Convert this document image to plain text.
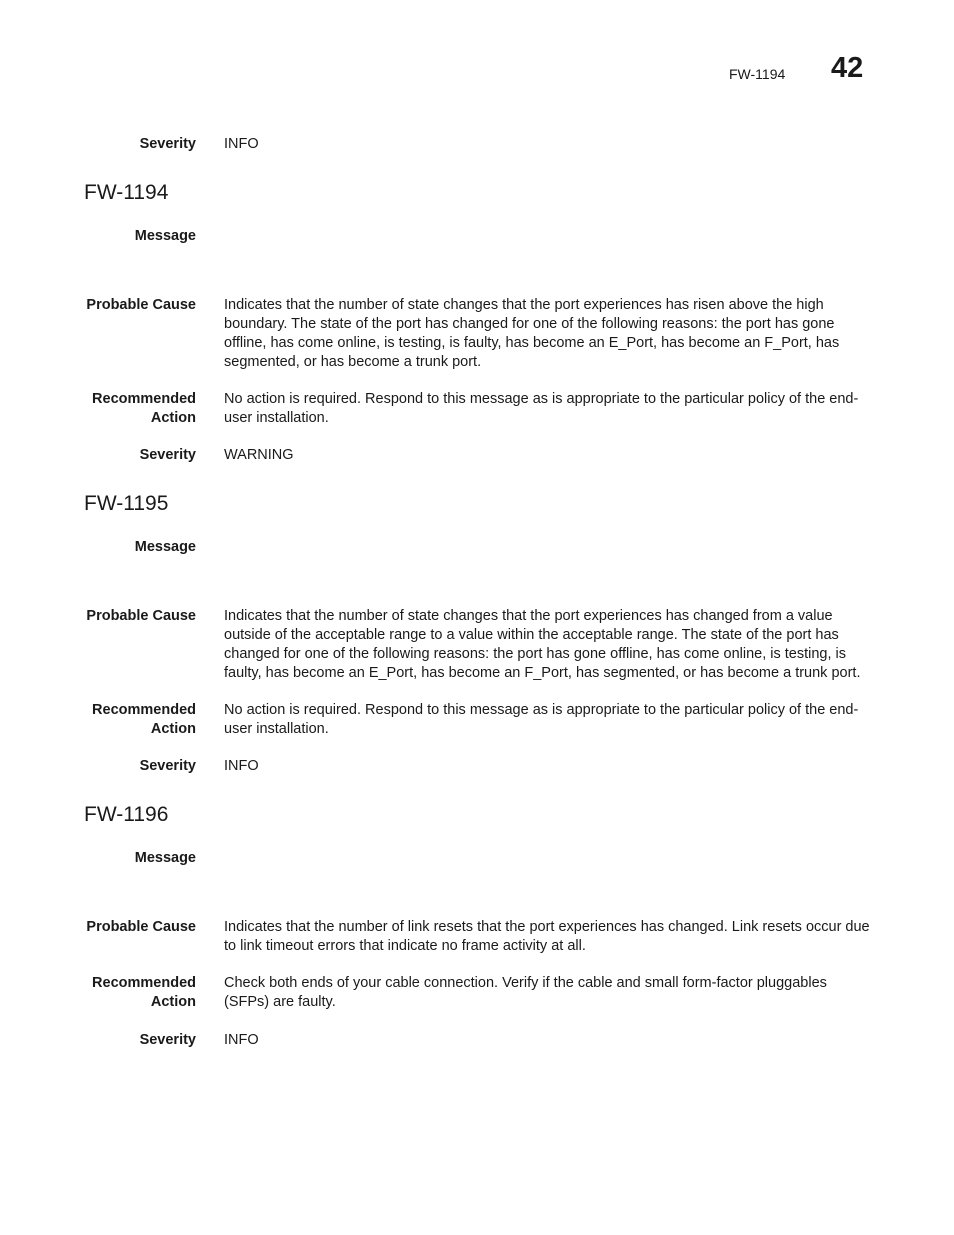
FW-1194 42
Severity INFO
FW-1194
Message
Probable Cause Indicates that the number of state changes that the port experiences has risen above the high boundary. The state of the port has changed for one of the following reasons: the port has gone offline, has come online, is testing, is faulty, has become an E_Port, has become an F_Port, has segmented, or has become a trunk port.
Recommended
Action
No action is required. Respond to this message as is appropriate to the particular policy of the end-user installation.
Severity WARNING
FW-1195
Message
Probable Cause Indicates that the number of state changes that the port experiences has changed from a value outside of the acceptable range to a value within the acceptable range. The state of the port has changed for one of the following reasons: the port has gone offline, has come online, is testing, is faulty, has become an E_Port, has become an F_Port, has segmented, or has become a trunk port.
Recommended
Action
No action is required. Respond to this message as is appropriate to the particular policy of the end-user installation.
Severity INFO
FW-1196
Message
Probable Cause Indicates that the number of link resets that the port experiences has changed. Link resets occur due to link timeout errors that indicate no frame activity at all.
Recommended
Action
Check both ends of your cable connection. Verify if the cable and small form-factor pluggables (SFPs) are faulty.
Severity INFO
